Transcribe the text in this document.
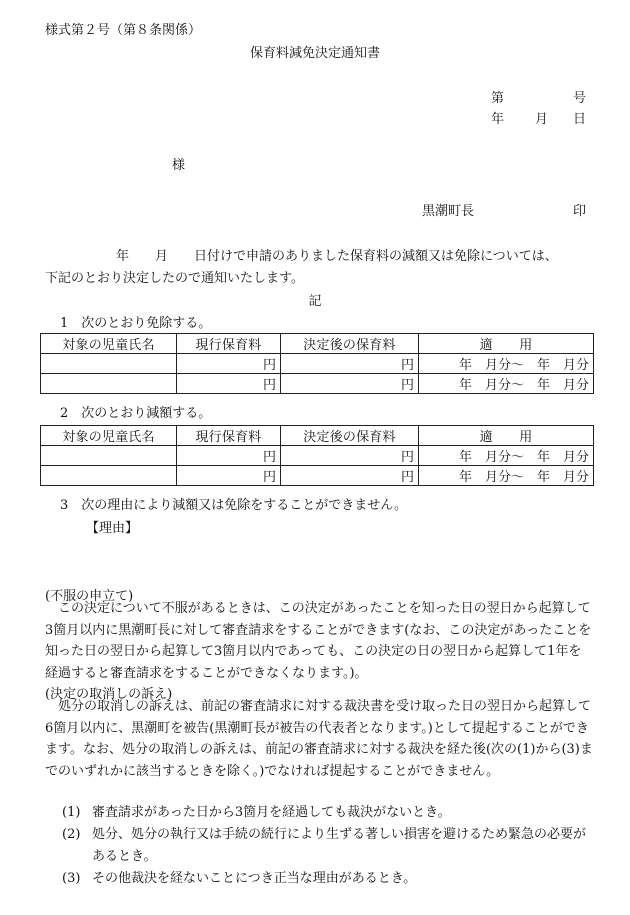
様式第２号（第８条関係）
保育料減免決定通知書
第	号
年 月 日
様
黒潮町長	印
年　　月　　日付けで申請のありました保育料の減額又は免除については、
下記のとおり決定したので通知いたします。
記
1　次のとおり免除する。
対象の児童氏名	現行保育料	決定後の保育料	適　　用
	円	円	年　月分～　年　月分
	円	円	年　月分～　年　月分
2　次のとおり減額する。
対象の児童氏名	現行保育料	決定後の保育料	適　　用
	円	円	年　月分～　年　月分
	円	円	年　月分～　年　月分
3　次の理由により減額又は免除をすることができません。
【理由】
(不服の申立て)
この決定について不服があるときは、この決定があったことを知った日の翌日から起算して3箇月以内に黒潮町長に対して審査請求をすることができます(なお、この決定があったことを知った日の翌日から起算して3箇月以内であっても、この決定の日の翌日から起算して1年を経過すると審査請求をすることができなくなります。)。
(決定の取消しの訴え)
処分の取消しの訴えは、前記の審査請求に対する裁決書を受け取った日の翌日から起算して6箇月以内に、黒潮町を被告(黒潮町長が被告の代表者となります。)として提起することができます。なお、処分の取消しの訴えは、前記の審査請求に対する裁決を経た後(次の(1)から(3)までのいずれかに該当するときを除く。)でなければ提起することができません。
(1) 審査請求があった日から3箇月を経過しても裁決がないとき。
(2) 処分、処分の執行又は手続の続行により生ずる著しい損害を避けるため緊急の必要があるとき。
(3) その他裁決を経ないことにつき正当な理由があるとき。
